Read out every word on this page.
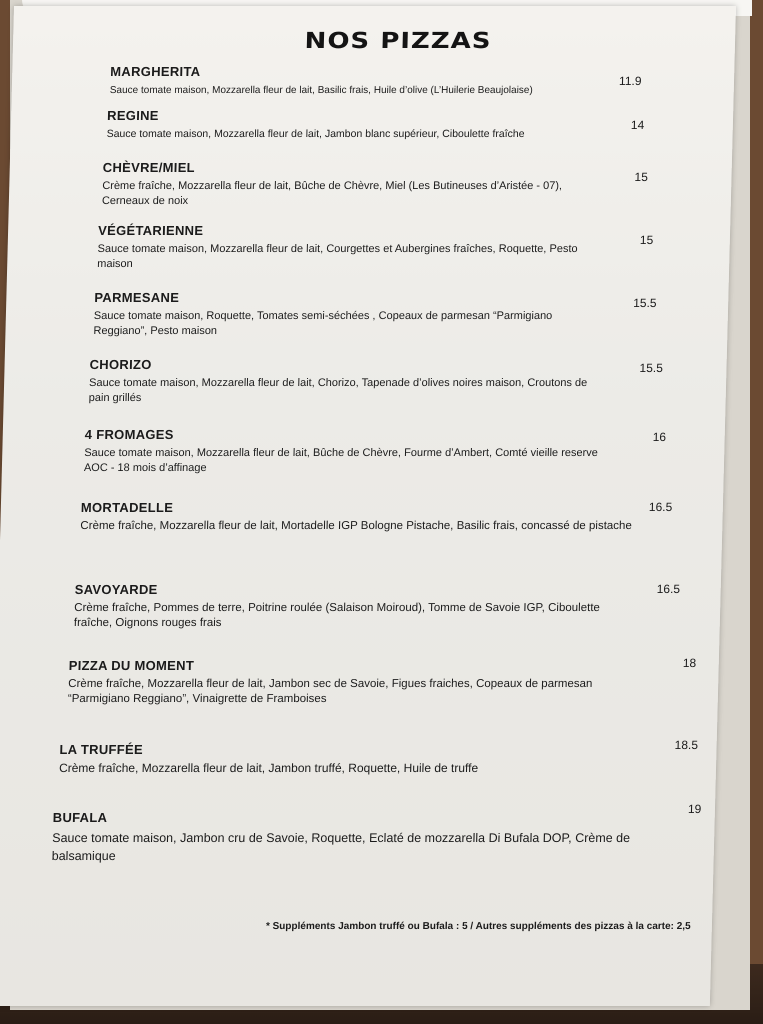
NOS PIZZAS
MARGHERITA
Sauce tomate maison, Mozzarella fleur de lait, Basilic frais, Huile d’olive (L’Huilerie Beaujolaise)
11.9
REGINE
Sauce tomate maison, Mozzarella fleur de lait, Jambon blanc supérieur, Ciboulette fraîche
14
CHÈVRE/MIEL
Crème fraîche, Mozzarella fleur de lait, Bûche de Chèvre, Miel (Les Butineuses d’Aristée - 07), Cerneaux de noix
15
VÉGÉTARIENNE
Sauce tomate maison, Mozzarella fleur de lait, Courgettes et Aubergines fraîches, Roquette, Pesto maison
15
PARMESANE
Sauce tomate maison, Roquette, Tomates semi-séchées , Copeaux de parmesan “Parmigiano Reggiano”, Pesto maison
15.5
CHORIZO
Sauce tomate maison, Mozzarella fleur de lait, Chorizo, Tapenade d’olives noires maison, Croutons de pain grillés
15.5
4 FROMAGES
Sauce tomate maison, Mozzarella fleur de lait, Bûche de Chèvre, Fourme d’Ambert, Comté vieille reserve AOC - 18 mois d’affinage
16
MORTADELLE
Crème fraîche, Mozzarella fleur de lait, Mortadelle IGP Bologne Pistache, Basilic frais, concassé de pistache
16.5
SAVOYARDE
Crème fraîche, Pommes de terre, Poitrine roulée (Salaison Moiroud), Tomme de Savoie IGP, Ciboulette fraîche, Oignons rouges frais
16.5
PIZZA DU MOMENT
Crème fraîche, Mozzarella fleur de lait, Jambon sec de Savoie, Figues fraiches, Copeaux de parmesan “Parmigiano Reggiano”, Vinaigrette de Framboises
18
LA TRUFFÉE
Crème fraîche, Mozzarella fleur de lait, Jambon truffé, Roquette, Huile de truffe
18.5
BUFALA
Sauce tomate maison, Jambon cru de Savoie, Roquette, Eclaté de mozzarella Di Bufala DOP, Crème de balsamique
19
* Suppléments Jambon truffé ou Bufala : 5 / Autres suppléments des pizzas à la carte: 2,5
